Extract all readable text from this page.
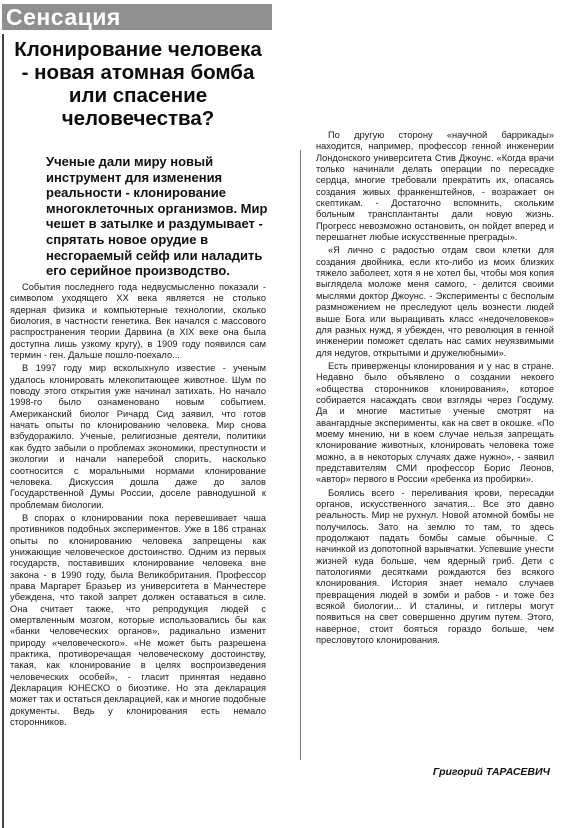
Сенсация
Клонирование человека - новая атомная бомба или спасение человечества?
Ученые дали миру новый инструмент для изменения реальности - клонирование многоклеточных организмов. Мир чешет в затылке и раздумывает - спрятать новое орудие в несгораемый сейф или наладить его серийное производство.

События последнего года недвусмысленно показали - символом уходящего XX века является не столько ядерная физика и компьютерные технологии, сколько биология, в частности генетика. Век начался с массового распространения теории Дарвина (в XIX веке она была доступна лишь узкому кругу), в 1909 году появился сам термин - ген. Дальше пошло-поехало...

В 1997 году мир всколыхнуло известие - ученым удалось клонировать млекопитающее животное. Шум по поводу этого открытия уже начинал затихать. Но начало 1998-го было ознаменовано новым событием. Американский биолог Ричард Сид заявил, что готов начать опыты по клонированию человека. Мир снова взбудоражило. Ученые, религиозные деятели, политики как будто забыли о проблемах экономики, преступности и экологии и начали наперебой спорить, насколько соотносится с моральными нормами клонирование человека. Дискуссия дошла даже до залов Государственной Думы России, доселе равнодушной к проблемам биологии.

В спорах о клонировании пока перевешивает чаша противников подобных экспериментов. Уже в 186 странах опыты по клонированию человека запрещены как унижающие человеческое достоинство. Одним из первых государств, поставивших клонирование человека вне закона - в 1990 году, была Великобритания. Профессор права Маргарет Бразьер из университета в Манчестере убеждена, что такой запрет должен оставаться в силе. Она считает также, что репродукция людей с омертвленным мозгом, которые использовались бы как «банки человеческих органов», радикально изменит природу «человеческого». «Не может быть разрешена практика, противоречащая человеческому достоинству, такая, как клонирование в целях воспроизведения человеческих особей», - гласит принятая недавно Декларация ЮНЕСКО о биоэтике. Но эта декларация может так и остаться декларацией, как и многие подобные документы. Ведь у клонирования есть немало сторонников.

По другую сторону «научной баррикады» находится, например, профессор генной инженерии Лондонского университета Стив Джоунс. «Когда врачи только начинали делать операции по пересадке сердца, многие требовали прекратить их, опасаясь создания живых франкенштейнов, - возражает он скептикам. - Достаточно вспомнить, скольким больным трансплантанты дали новую жизнь. Прогресс невозможно остановить, он пойдет вперед и перешагнет любые искусственные преграды».

«Я лично с радостью отдам свои клетки для создания двойника, если кто-либо из моих близких тяжело заболеет, хотя я не хотел бы, чтобы моя копия выглядела моложе меня самого, - делится своими мыслями доктор Джоунс. - Эксперименты с бесполым размножением не преследуют цель вознести людей выше Бога или выращивать класс «недочеловеков» для разных нужд, я убежден, что революция в генной инженерии поможет сделать нас самих неуязвимыми для недугов, открытыми и дружелюбными».

Есть приверженцы клонирования и у нас в стране. Недавно было объявлено о создании некоего «общества сторонников клонирования», которое собирается насаждать свои взгляды через Госдуму. Да и многие маститые ученые смотрят на авангардные эксперименты, как на свет в окошке. «По моему мнению, ни в коем случае нельзя запрещать клонирование животных, клонировать человека тоже можно, а в некоторых случаях даже нужно», - заявил представителям СМИ профессор Борис Леонов, «автор» первого в России «ребенка из пробирки».

Боялись всего - переливания крови, пересадки органов, искусственного зачатия... Все это давно реальность. Мир не рухнул. Новой атомной бомбы не получилось. Зато на землю то там, то здесь продолжают падать бомбы самые обычные. С начинкой из допотопной взрывчатки. Успевшие унести жизней куда больше, чем ядерный гриб. Дети с патологиями десятками рождаются без всякого клонирования. История знает немало случаев превращения людей в зомби и рабов - и тоже без всякой биологии... И сталины, и гитлеры могут появиться на свет совершенно другим путем. Этого, наверное, стоит бояться гораздо больше, чем пресловутого клонирования.

Григорий ТАРАСЕВИЧ
